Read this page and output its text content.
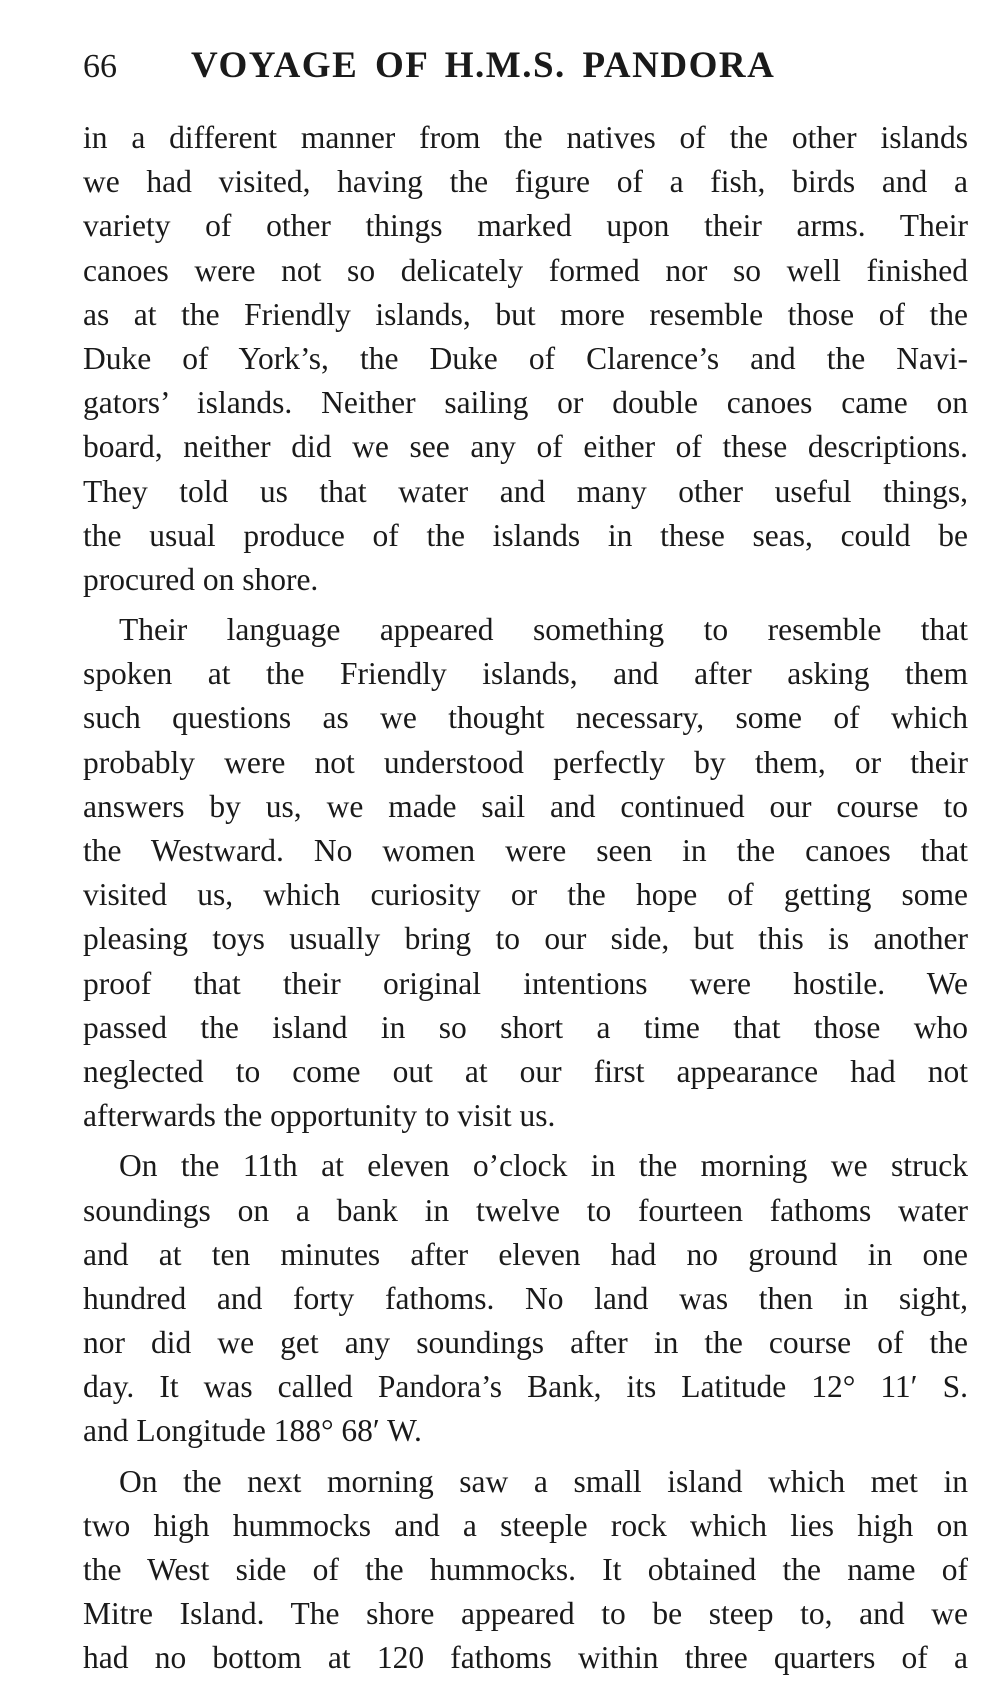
66	VOYAGE OF H.M.S. PANDORA
in a different manner from the natives of the other islands
we had visited, having the figure of a fish, birds and a
variety of other things marked upon their arms. Their
canoes were not so delicately formed nor so well finished
as at the Friendly islands, but more resemble those of the
Duke of York’s, the Duke of Clarence’s and the Navi-
gators’ islands. Neither sailing or double canoes came on
board, neither did we see any of either of these descriptions.
They told us that water and many other useful things,
the usual produce of the islands in these seas, could be
procured on shore.
Their language appeared something to resemble that
spoken at the Friendly islands, and after asking them
such questions as we thought necessary, some of which
probably were not understood perfectly by them, or their
answers by us, we made sail and continued our course to
the Westward. No women were seen in the canoes that
visited us, which curiosity or the hope of getting some
pleasing toys usually bring to our side, but this is another
proof that their original intentions were hostile. We
passed the island in so short a time that those who
neglected to come out at our first appearance had not
afterwards the opportunity to visit us.
On the 11th at eleven o’clock in the morning we struck
soundings on a bank in twelve to fourteen fathoms water
and at ten minutes after eleven had no ground in one
hundred and forty fathoms. No land was then in sight,
nor did we get any soundings after in the course of the
day. It was called Pandora’s Bank, its Latitude 12° 11′ S.
and Longitude 188° 68′ W.
On the next morning saw a small island which met in
two high hummocks and a steeple rock which lies high on
the West side of the hummocks. It obtained the name of
Mitre Island. The shore appeared to be steep to, and we
had no bottom at 120 fathoms within three quarters of a
